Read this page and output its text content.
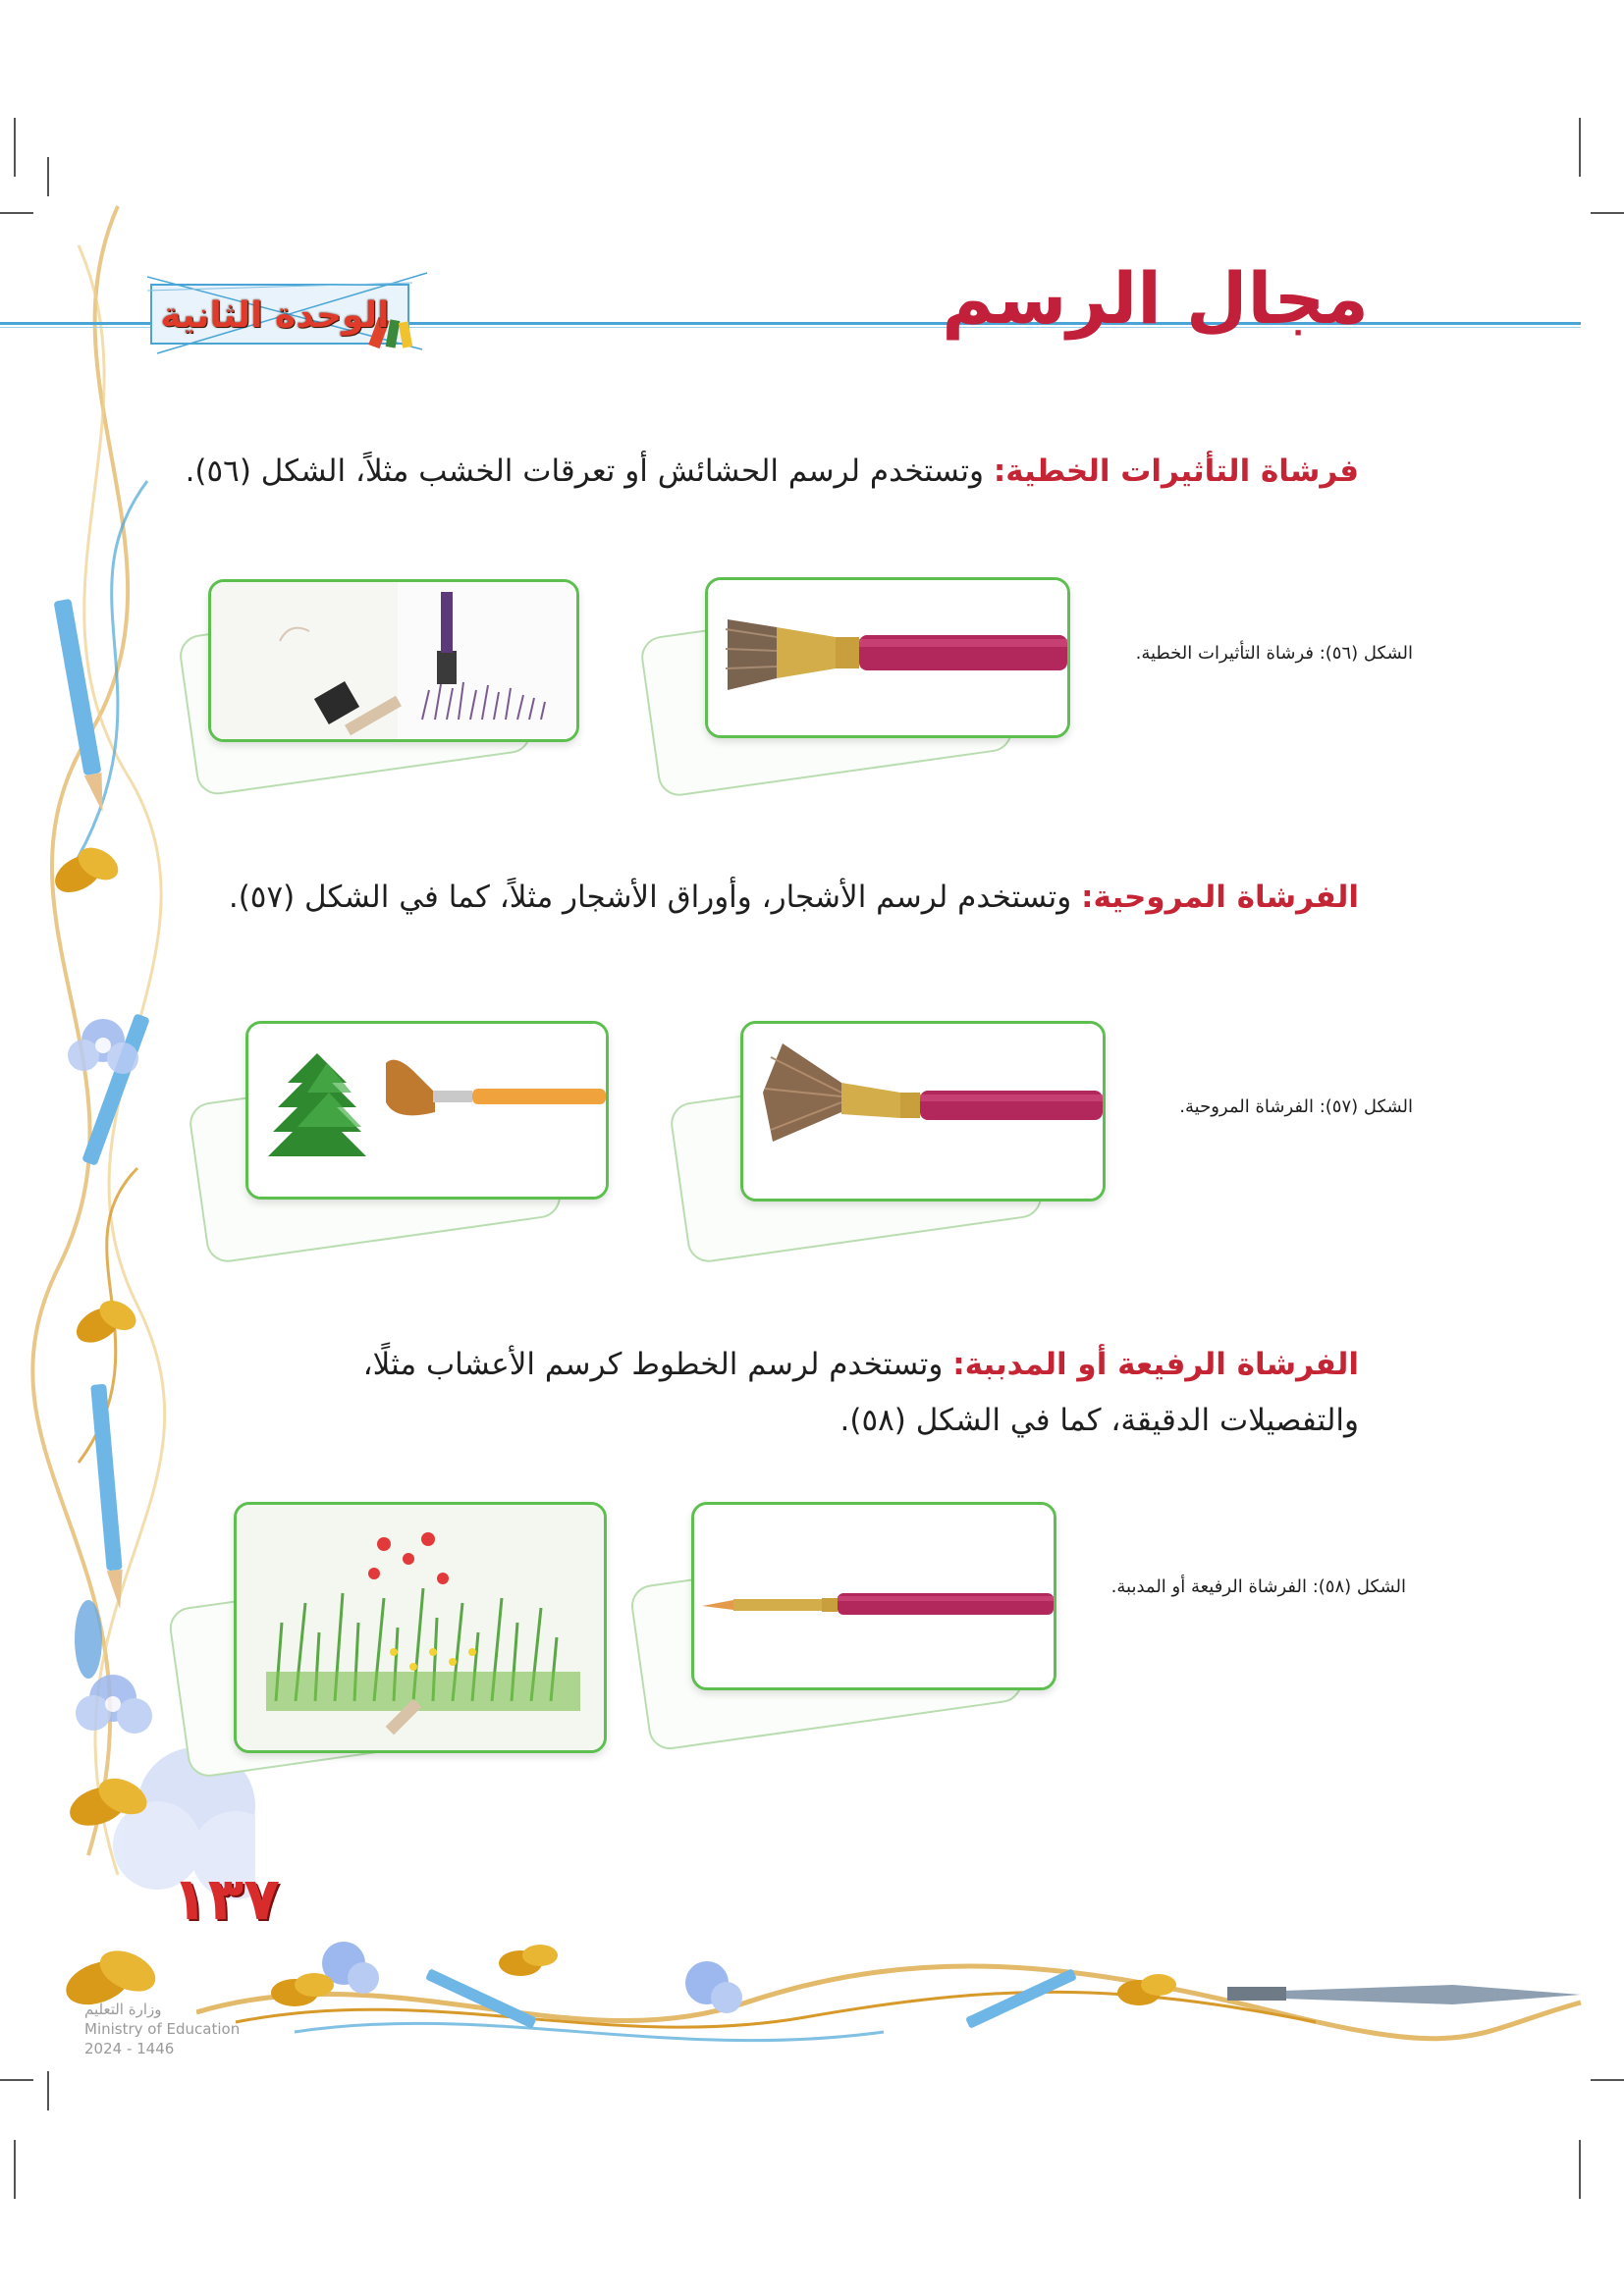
الوحدة الثانية	مجال الرسم
فرشاة التأثيرات الخطية: وتستخدم لرسم الحشائش أو تعرقات الخشب مثلاً، الشكل (٥٦).
الشكل (٥٦): فرشاة التأثيرات الخطية.
الفرشاة المروحية: وتستخدم لرسم الأشجار، وأوراق الأشجار مثلاً، كما في الشكل (٥٧).
الشكل (٥٧): الفرشاة المروحية.
الفرشاة الرفيعة أو المدببة: وتستخدم لرسم الخطوط كرسم الأعشاب مثلًا، والتفصيلات الدقيقة، كما في الشكل (٥٨).
الشكل (٥٨): الفرشاة الرفيعة أو المدببة.
١٣٧
وزارة التعليم
Ministry of Education
2024 - 1446
